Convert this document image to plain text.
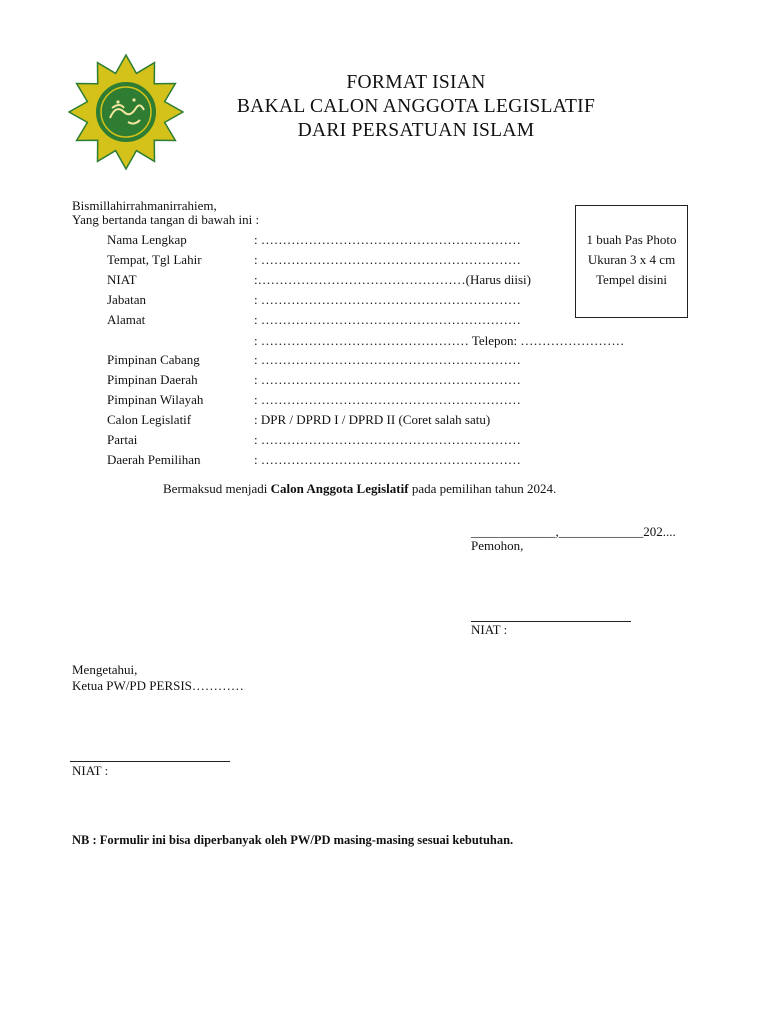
FORMAT ISIAN
BAKAL CALON ANGGOTA LEGISLATIF
DARI PERSATUAN ISLAM
Bismillahirrahmanirrahiem,
Yang bertanda tangan di bawah ini :
Nama Lengkap	: ……………………………………………………
Tempat, Tgl Lahir	: ……………………………………………………
NIAT	:…………………………………………(Harus diisi)
Jabatan	: ……………………………………………………
Alamat	: ……………………………………………………
: ………………………………………… Telepon: ……………………
Pimpinan Cabang	: ……………………………………………………
Pimpinan Daerah	: ……………………………………………………
Pimpinan Wilayah	: ……………………………………………………
Calon Legislatif	: DPR / DPRD I / DPRD II (Coret salah satu)
Partai	: ……………………………………………………
Daerah Pemilihan	: ……………………………………………………
1 buah Pas Photo
Ukuran 3 x 4 cm
Tempel disini
Bermaksud menjadi Calon Anggota Legislatif pada pemilihan tahun 2024.
_____________,_____________202....
Pemohon,
NIAT :
Mengetahui,
Ketua PW/PD PERSIS…………
NIAT :
NB : Formulir ini bisa diperbanyak oleh PW/PD masing-masing sesuai kebutuhan.
